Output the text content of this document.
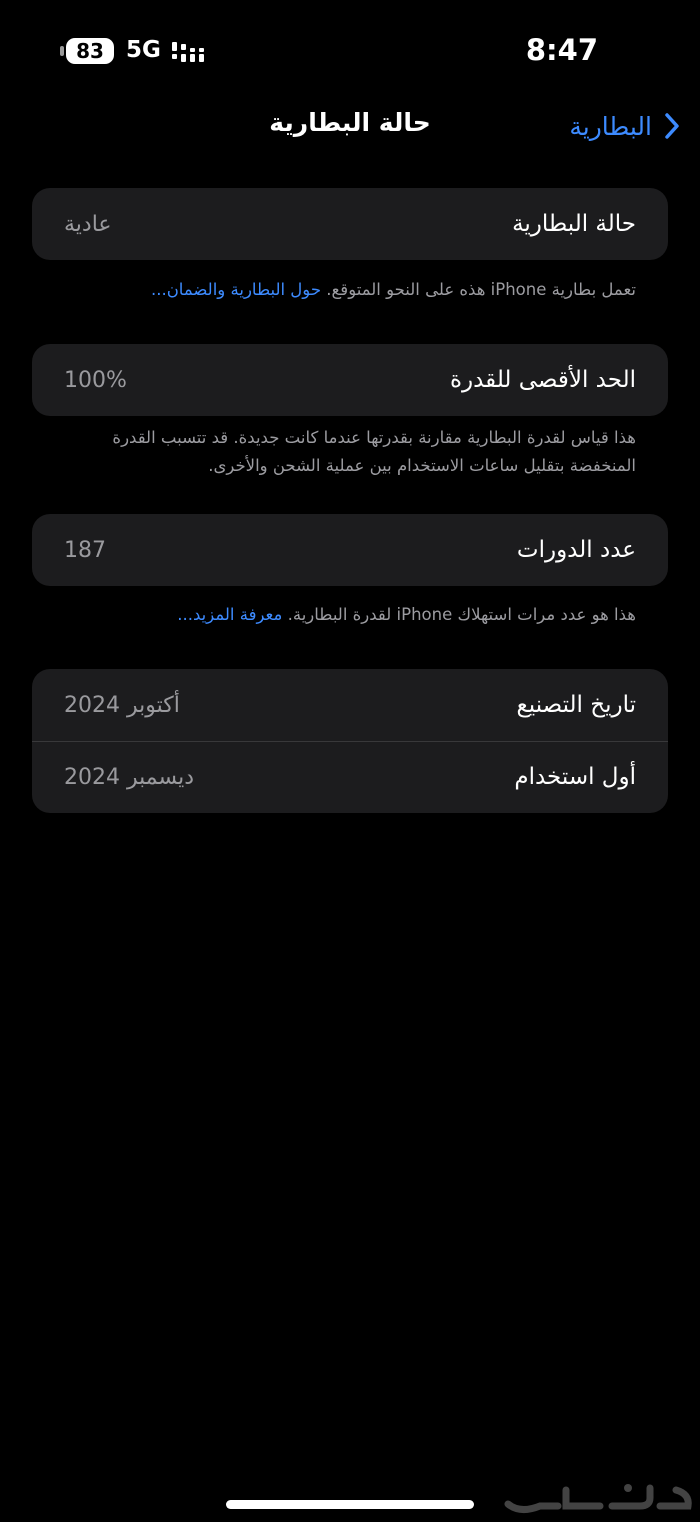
83 5G	8:47
حالة البطارية	البطارية
حالة البطارية
عادية
تعمل بطارية iPhone هذه على النحو المتوقع. حول البطارية والضمان...
الحد الأقصى للقدرة
100%
هذا قياس لقدرة البطارية مقارنة بقدرتها عندما كانت جديدة. قد تتسبب القدرة المنخفضة بتقليل ساعات الاستخدام بين عملية الشحن والأخرى.
عدد الدورات
187
هذا هو عدد مرات استهلاك iPhone لقدرة البطارية. معرفة المزيد...
تاريخ التصنيع
أكتوبر 2024
أول استخدام
ديسمبر 2024
